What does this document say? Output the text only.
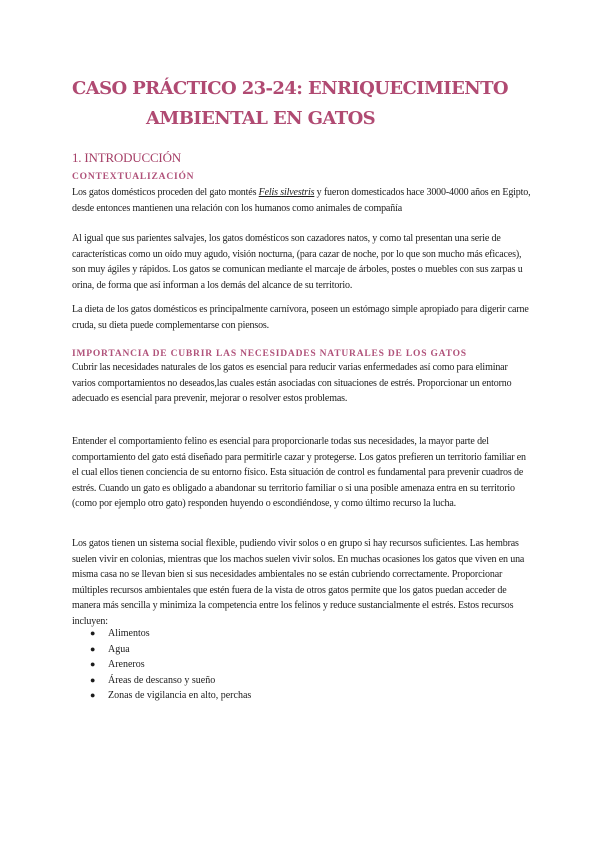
CASO PRÁCTICO 23-24: ENRIQUECIMIENTO
AMBIENTAL EN GATOS
1. INTRODUCCIÓN
CONTEXTUALIZACIÓN

Los gatos domésticos proceden del gato montés Felis silvestris y fueron domesticados hace 3000-4000 años en Egipto, desde entonces mantienen una relación con los humanos como animales de compañía

Al igual que sus parientes salvajes, los gatos domésticos son cazadores natos, y como tal presentan una serie de características como un oído muy agudo, visión nocturna, (para cazar de noche, por lo que son mucho más eficaces), son muy ágiles y rápidos. Los gatos se comunican mediante el marcaje de árboles, postes o muebles con sus zarpas u orina, de forma que así informan a los demás del alcance de su territorio.

La dieta de los gatos domésticos es principalmente carnívora, poseen un estómago simple apropiado para digerir carne cruda, su dieta puede complementarse con piensos.

IMPORTANCIA DE CUBRIR LAS NECESIDADES NATURALES DE LOS GATOS

Cubrir las necesidades naturales de los gatos es esencial para reducir varias enfermedades así como para eliminar varios comportamientos no deseados,las cuales están asociadas con situaciones de estrés. Proporcionar un entorno adecuado es esencial para prevenir, mejorar o resolver estos problemas.

Entender el comportamiento felino es esencial para proporcionarle todas sus necesidades, la mayor parte del comportamiento del gato está diseñado para permitirle cazar y protegerse. Los gatos prefieren un territorio familiar en el cual ellos tienen conciencia de su entorno físico. Esta situación de control es fundamental para prevenir cuadros de estrés. Cuando un gato es obligado a abandonar su territorio familiar o si una posible amenaza entra en su territorio (como por ejemplo otro gato) responden huyendo o escondiéndose, y como último recurso la lucha.

Los gatos tienen un sistema social flexible, pudiendo vivir solos o en grupo si hay recursos suficientes. Las hembras suelen vivir en colonias, mientras que los machos suelen vivir solos. En muchas ocasiones los gatos que viven en una misma casa no se llevan bien si sus necesidades ambientales no se están cubriendo correctamente. Proporcionar múltiples recursos ambientales que estén fuera de la vista de otros gatos permite que los gatos puedan acceder de manera más sencilla y minimiza la competencia entre los felinos y reduce sustancialmente el estrés. Estos recursos incluyen:

● Alimentos
● Agua
● Areneros
● Áreas de descanso y sueño
● Zonas de vigilancia en alto, perchas
